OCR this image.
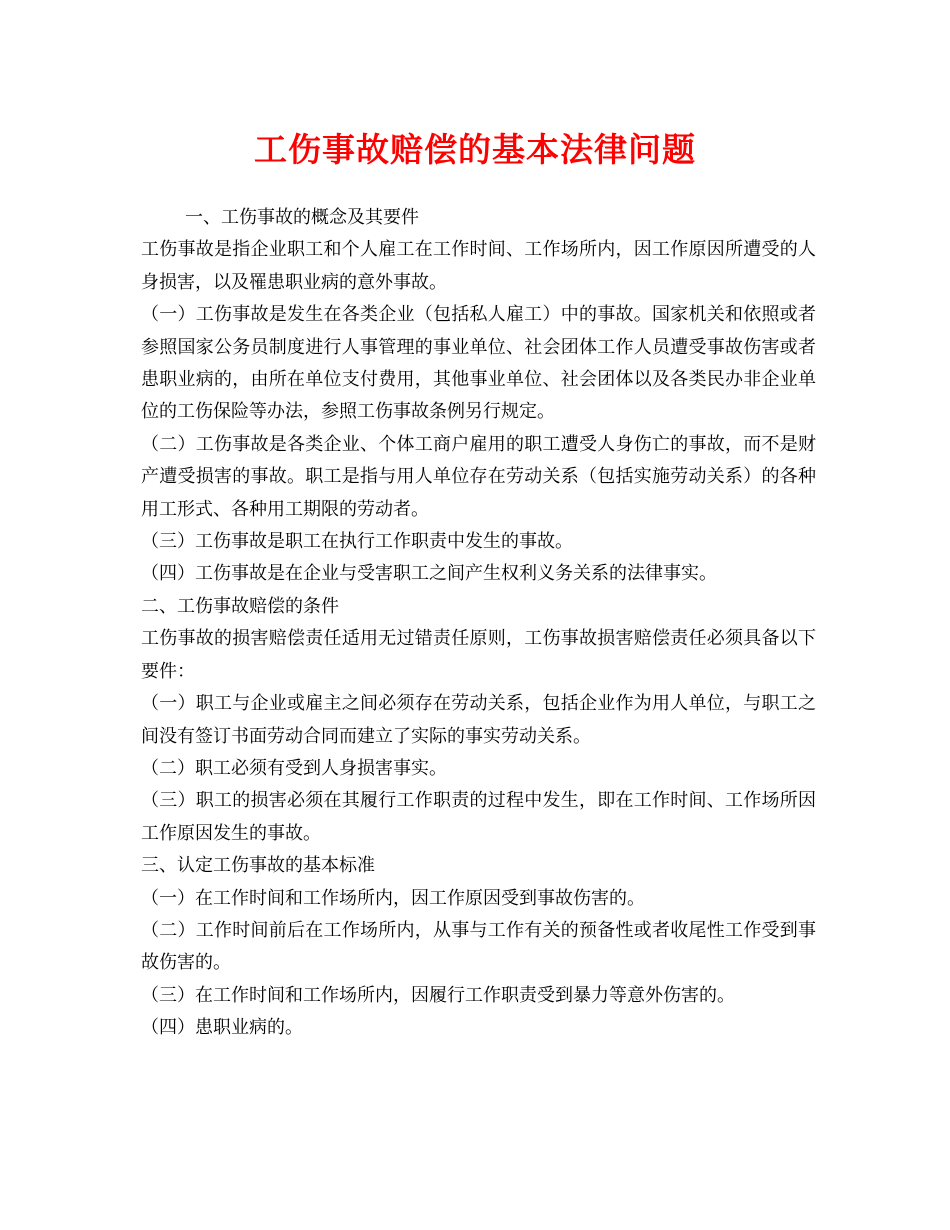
工伤事故赔偿的基本法律问题

一、工伤事故的概念及其要件

工伤事故是指企业职工和个人雇工在工作时间、工作场所内，因工作原因所遭受的人身损害，以及罹患职业病的意外事故。

（一）工伤事故是发生在各类企业（包括私人雇工）中的事故。国家机关和依照或者参照国家公务员制度进行人事管理的事业单位、社会团体工作人员遭受事故伤害或者患职业病的，由所在单位支付费用，其他事业单位、社会团体以及各类民办非企业单位的工伤保险等办法，参照工伤事故条例另行规定。

（二）工伤事故是各类企业、个体工商户雇用的职工遭受人身伤亡的事故，而不是财产遭受损害的事故。职工是指与用人单位存在劳动关系（包括实施劳动关系）的各种用工形式、各种用工期限的劳动者。

（三）工伤事故是职工在执行工作职责中发生的事故。

（四）工伤事故是在企业与受害职工之间产生权利义务关系的法律事实。

二、工伤事故赔偿的条件

工伤事故的损害赔偿责任适用无过错责任原则，工伤事故损害赔偿责任必须具备以下要件：

（一）职工与企业或雇主之间必须存在劳动关系，包括企业作为用人单位，与职工之间没有签订书面劳动合同而建立了实际的事实劳动关系。

（二）职工必须有受到人身损害事实。

（三）职工的损害必须在其履行工作职责的过程中发生，即在工作时间、工作场所因工作原因发生的事故。

三、认定工伤事故的基本标准

（一）在工作时间和工作场所内，因工作原因受到事故伤害的。

（二）工作时间前后在工作场所内，从事与工作有关的预备性或者收尾性工作受到事故伤害的。

（三）在工作时间和工作场所内，因履行工作职责受到暴力等意外伤害的。

（四）患职业病的。
